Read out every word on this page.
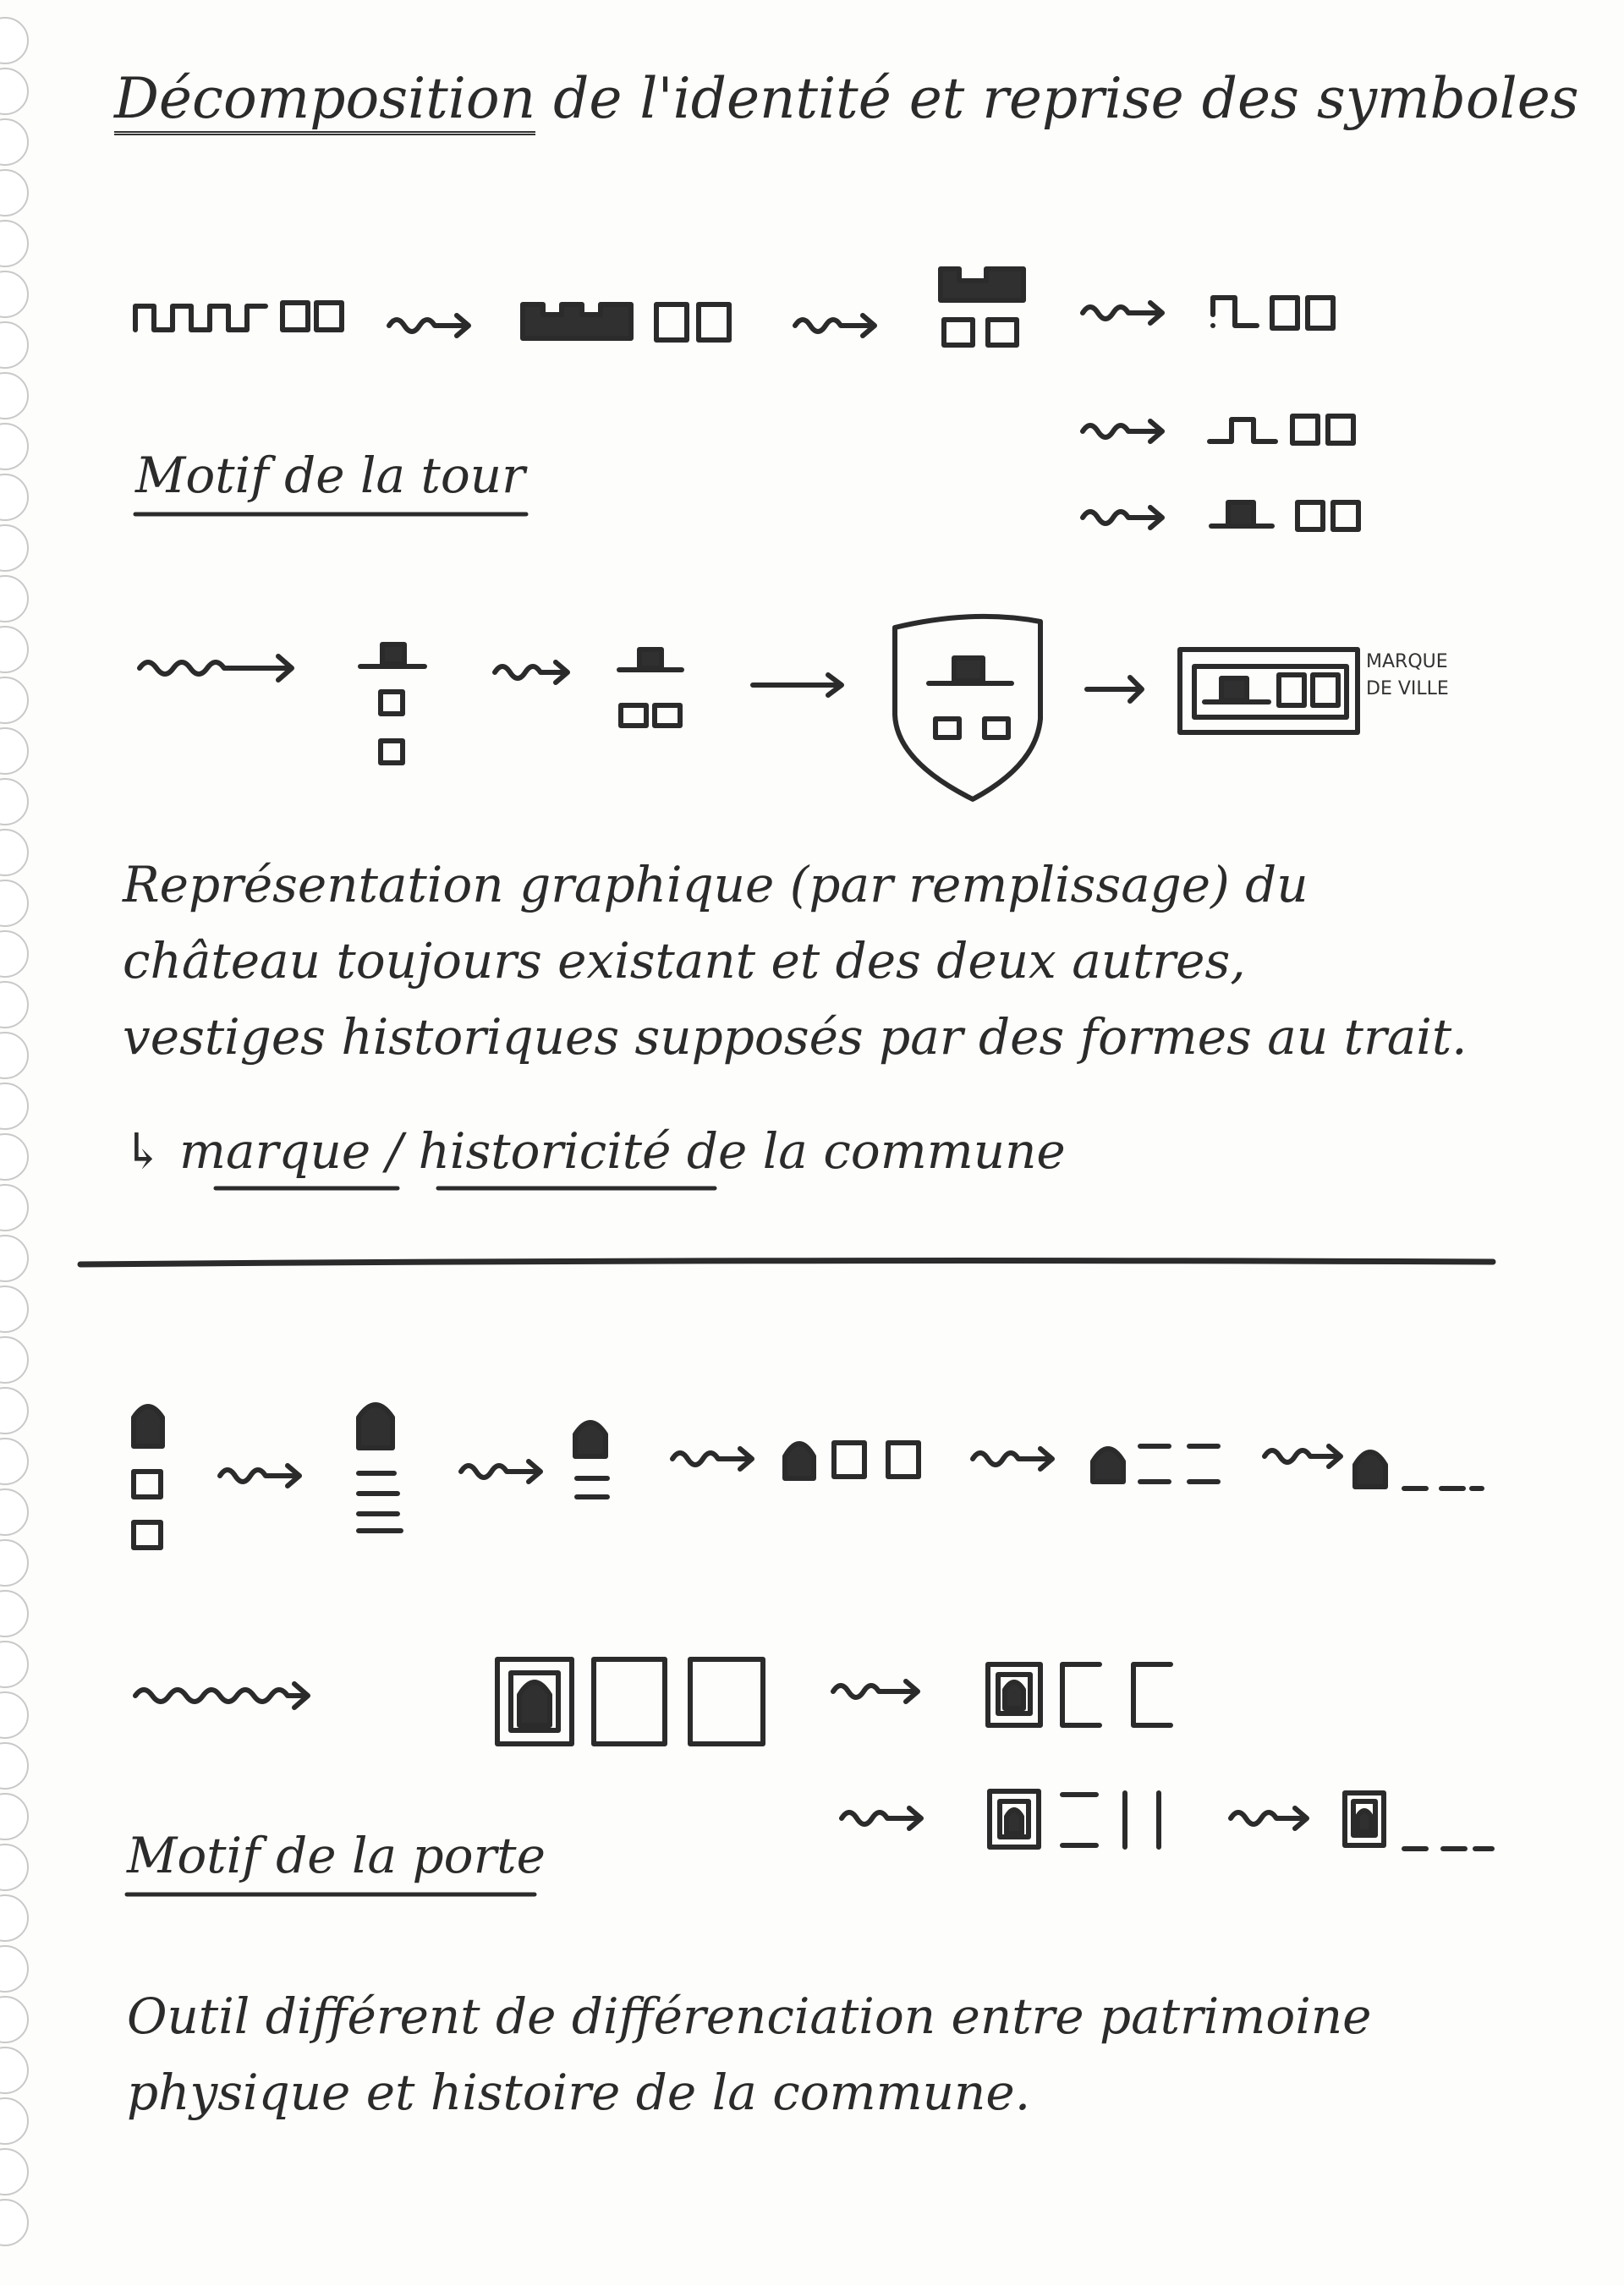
Décomposition de l'identité et reprise des symboles

Motif de la tour

MARQUE

DE VILLE

Représentation graphique (par remplissage) du

château toujours existant et des deux autres,

vestiges historiques supposés par des formes au trait.

↳ marque / historicité de la commune

Motif de la porte

Outil différent de différenciation entre patrimoine

physique et histoire de la commune.
